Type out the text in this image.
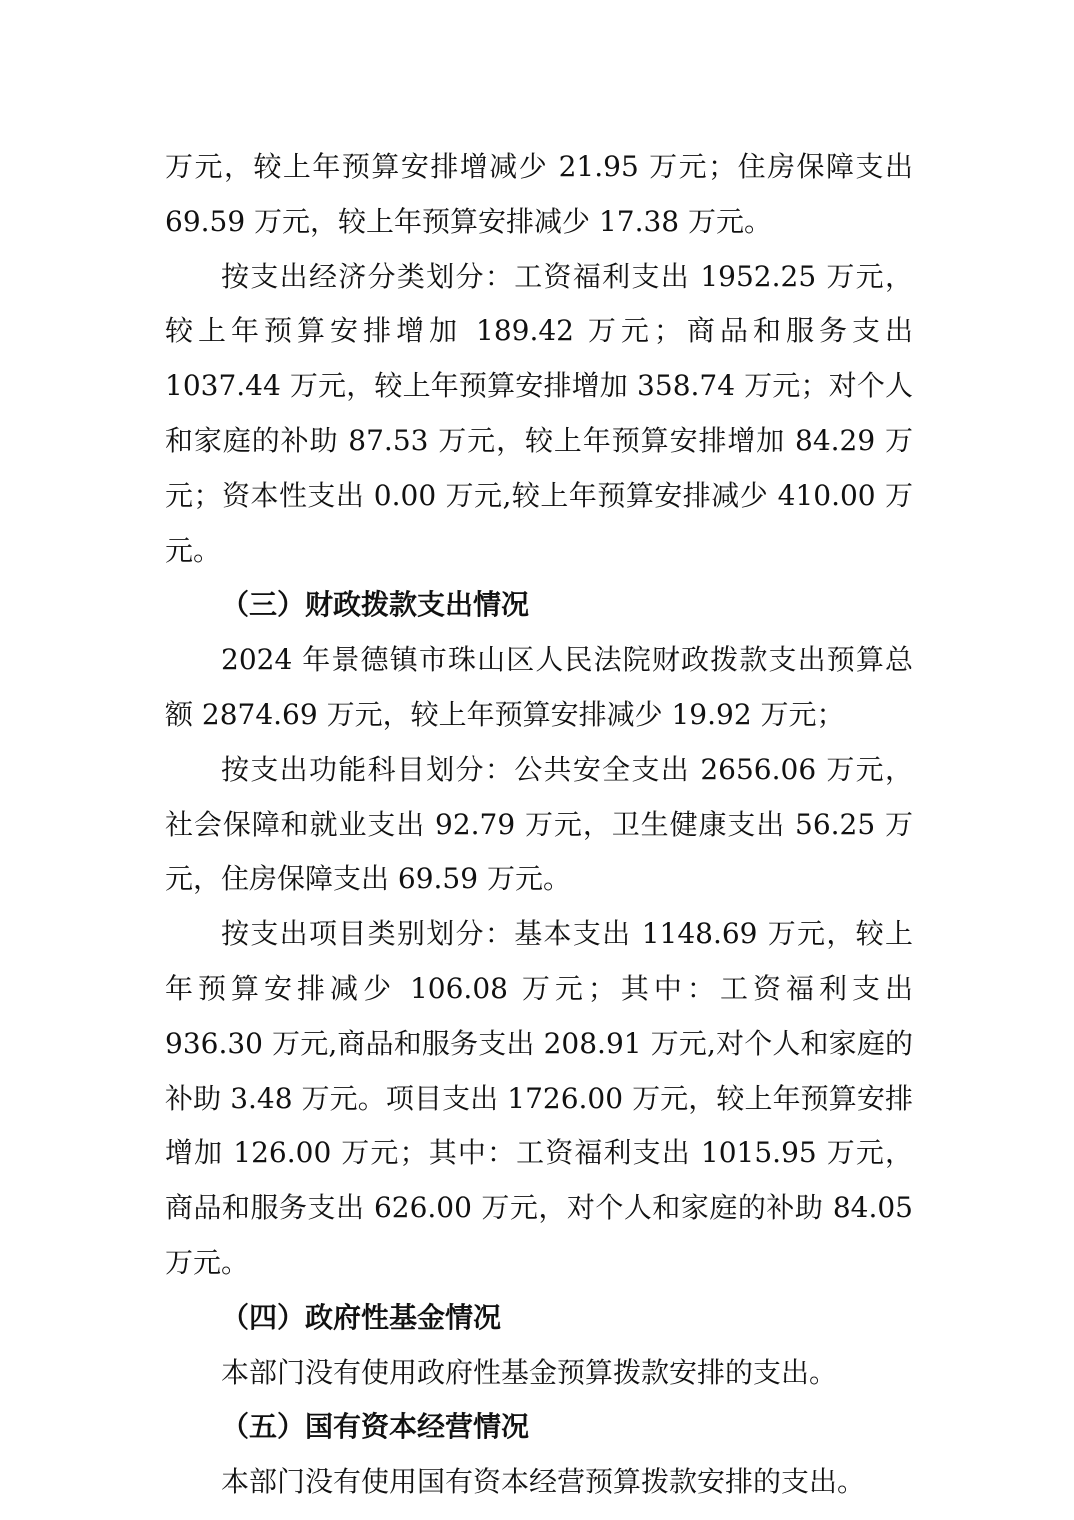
万元，较上年预算安排增减少 21.95 万元；住房保障支出 69.59 万元，较上年预算安排减少 17.38 万元。

按支出经济分类划分：工资福利支出 1952.25 万元，较上年预算安排增加 189.42 万元；商品和服务支出 1037.44 万元，较上年预算安排增加 358.74 万元；对个人和家庭的补助 87.53 万元，较上年预算安排增加 84.29 万元；资本性支出 0.00 万元,较上年预算安排减少 410.00 万元。

（三）财政拨款支出情况

2024 年景德镇市珠山区人民法院财政拨款支出预算总额 2874.69 万元，较上年预算安排减少 19.92 万元；

按支出功能科目划分：公共安全支出 2656.06 万元，社会保障和就业支出 92.79 万元，卫生健康支出 56.25 万元，住房保障支出 69.59 万元。

按支出项目类别划分：基本支出 1148.69 万元，较上年预算安排减少 106.08 万元；其中：工资福利支出 936.30 万元,商品和服务支出 208.91 万元,对个人和家庭的补助 3.48 万元。项目支出 1726.00 万元，较上年预算安排增加 126.00 万元；其中：工资福利支出 1015.95 万元，商品和服务支出 626.00 万元，对个人和家庭的补助 84.05 万元。

（四）政府性基金情况

本部门没有使用政府性基金预算拨款安排的支出。

（五）国有资本经营情况

本部门没有使用国有资本经营预算拨款安排的支出。
